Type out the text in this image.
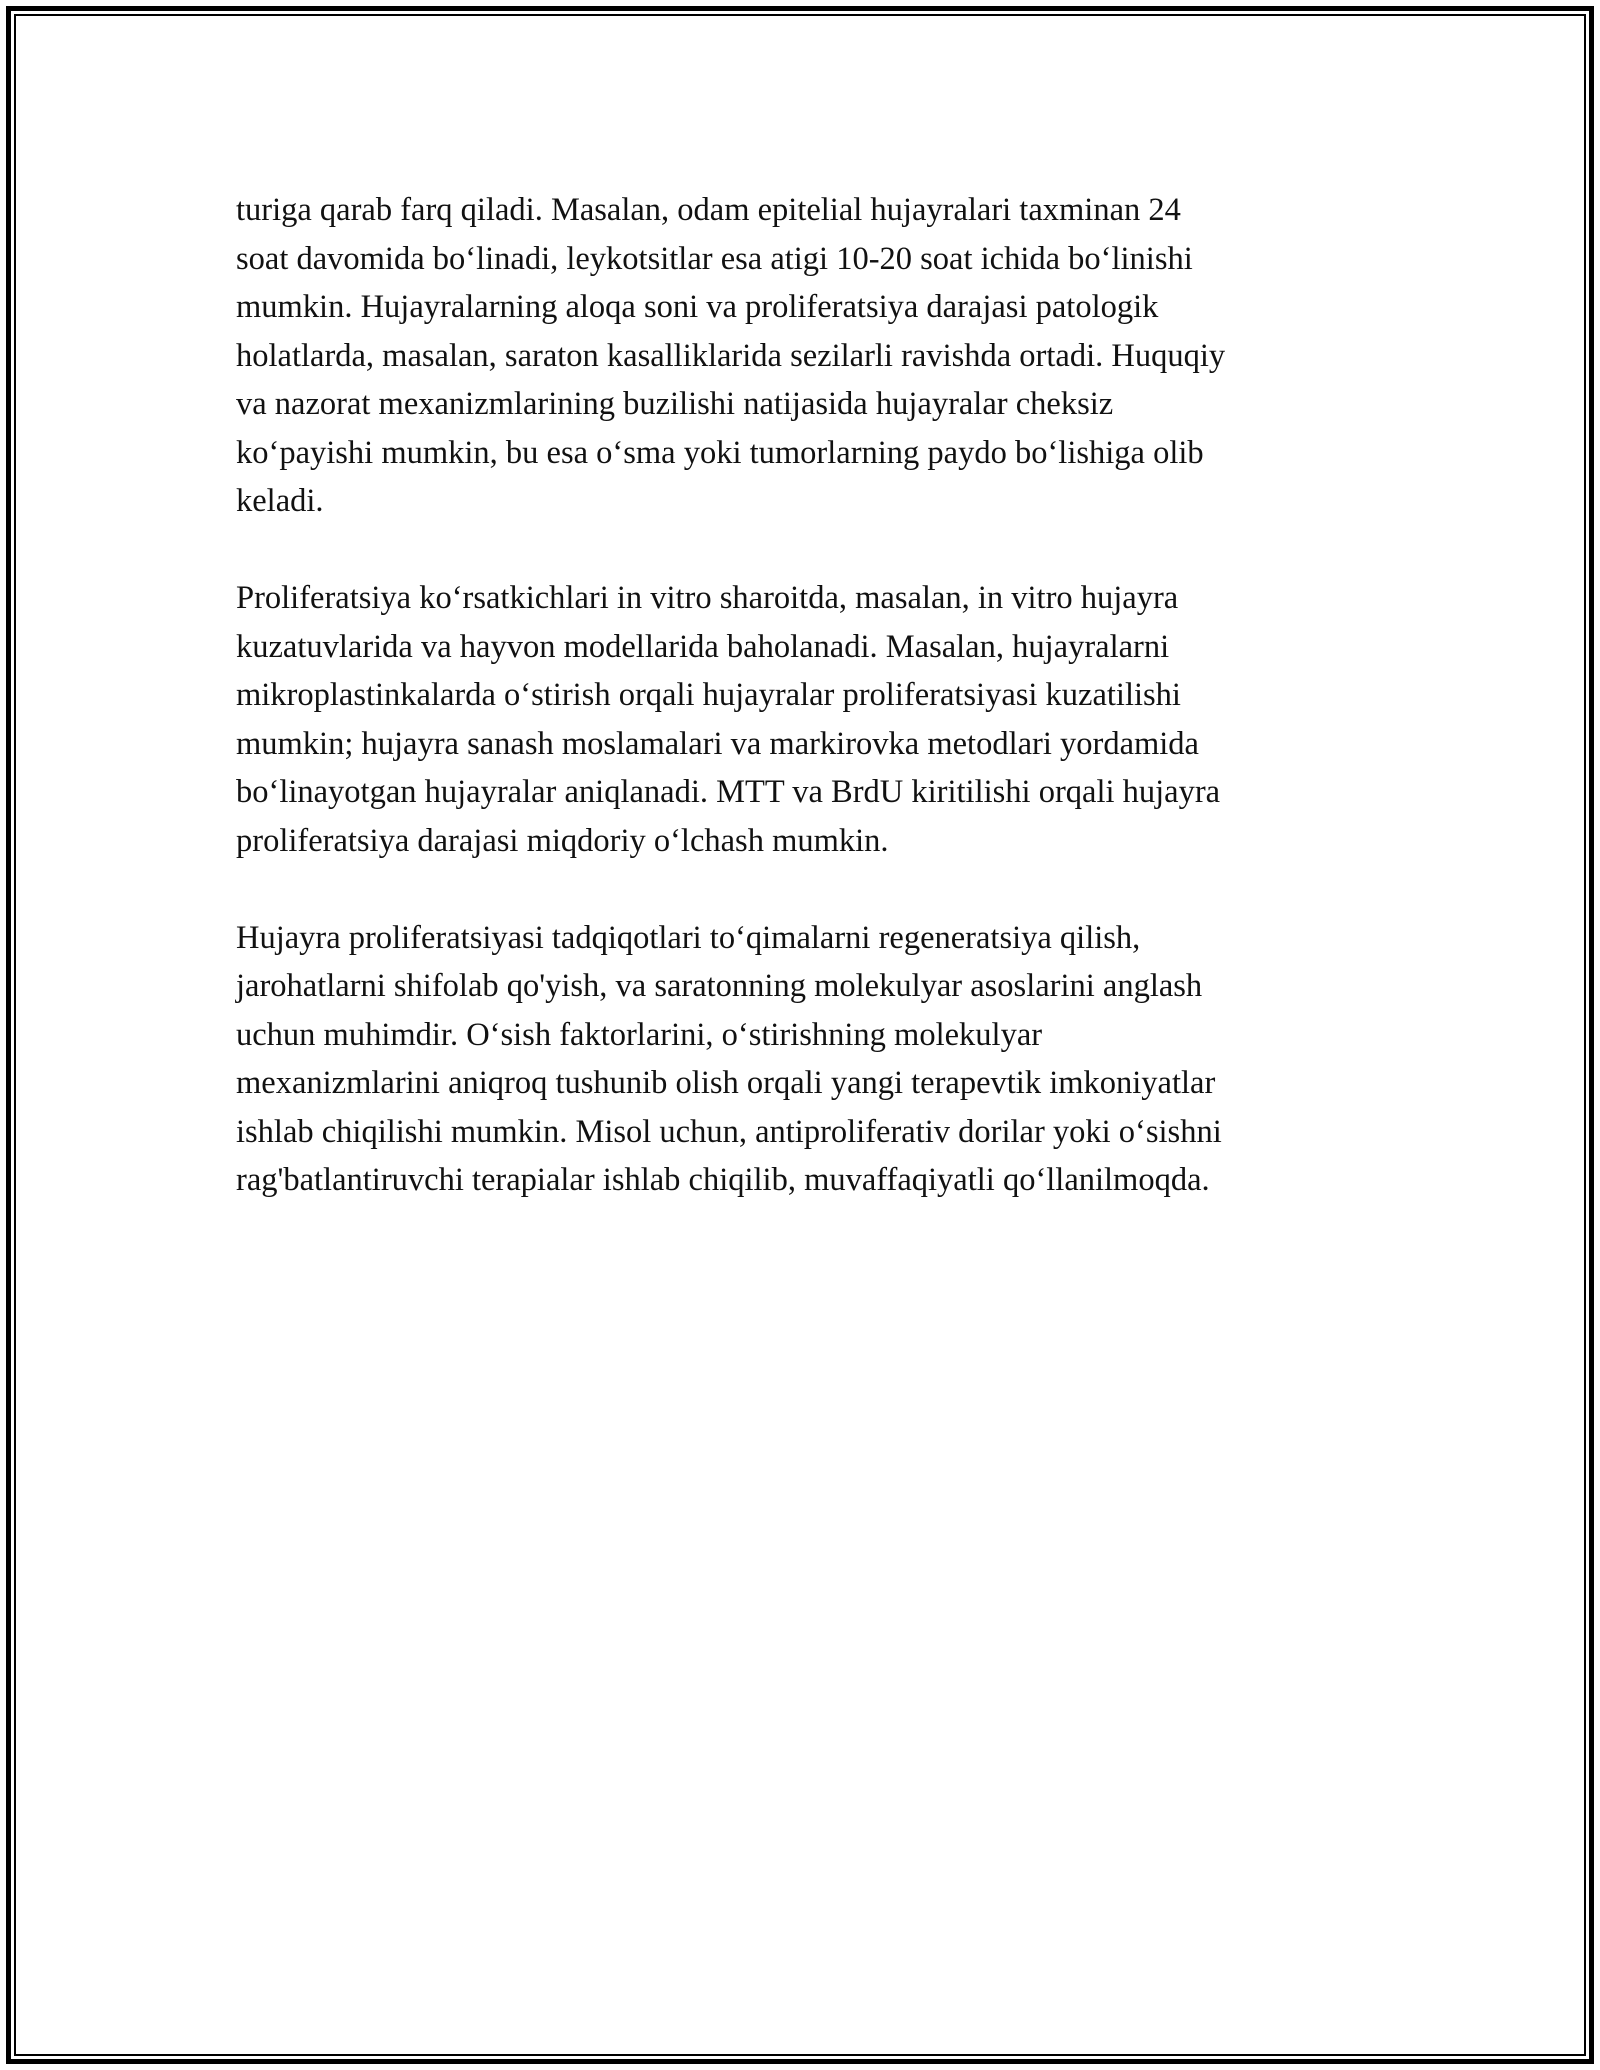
turiga qarab farq qiladi. Masalan, odam epitelial hujayralari taxminan 24
soat davomida bo‘linadi, leykotsitlar esa atigi 10-20 soat ichida bo‘linishi
mumkin. Hujayralarning aloqa soni va proliferatsiya darajasi patologik
holatlarda, masalan, saraton kasalliklarida sezilarli ravishda ortadi. Huquqiy
va nazorat mexanizmlarining buzilishi natijasida hujayralar cheksiz
ko‘payishi mumkin, bu esa o‘sma yoki tumorlarning paydo bo‘lishiga olib
keladi.

Proliferatsiya ko‘rsatkichlari in vitro sharoitda, masalan, in vitro hujayra
kuzatuvlarida va hayvon modellarida baholanadi. Masalan, hujayralarni
mikroplastinkalarda o‘stirish orqali hujayralar proliferatsiyasi kuzatilishi
mumkin; hujayra sanash moslamalari va markirovka metodlari yordamida
bo‘linayotgan hujayralar aniqlanadi. MTT va BrdU kiritilishi orqali hujayra
proliferatsiya darajasi miqdoriy o‘lchash mumkin.

Hujayra proliferatsiyasi tadqiqotlari to‘qimalarni regeneratsiya qilish,
jarohatlarni shifolab qo'yish, va saratonning molekulyar asoslarini anglash
uchun muhimdir. O‘sish faktorlarini, o‘stirishning molekulyar
mexanizmlarini aniqroq tushunib olish orqali yangi terapevtik imkoniyatlar
ishlab chiqilishi mumkin. Misol uchun, antiproliferativ dorilar yoki o‘sishni
rag'batlantiruvchi terapialar ishlab chiqilib, muvaffaqiyatli qo‘llanilmoqda.
